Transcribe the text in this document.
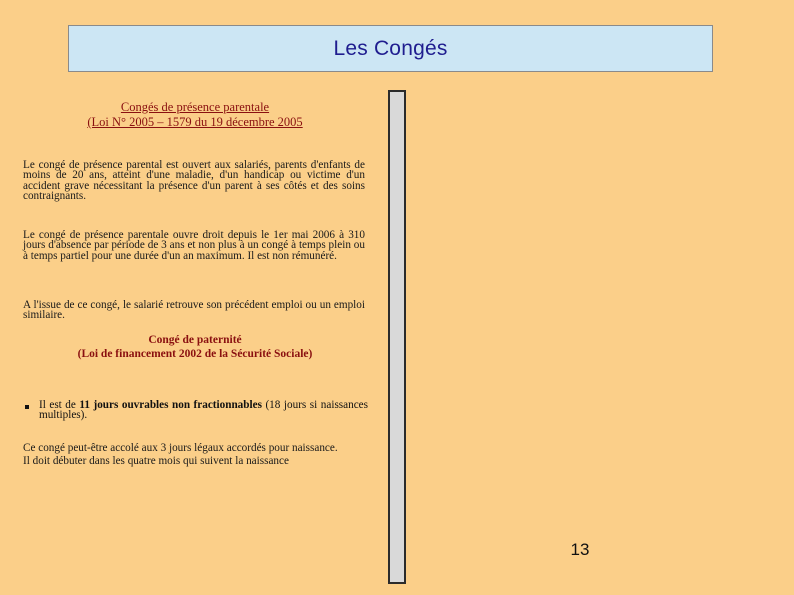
Les Congés
Congés de présence parentale
(Loi N° 2005 – 1579 du 19 décembre 2005

Le congé de présence parental est ouvert aux salariés, parents d'enfants de moins de 20 ans, atteint d'une maladie, d'un handicap ou victime d'un accident grave nécessitant la présence d'un parent à ses côtés et des soins contraignants.

Le congé de présence parentale ouvre droit depuis le 1er mai 2006 à 310 jours d'absence par période de 3 ans et non plus à un congé à temps plein ou à temps partiel pour une durée d'un an maximum. Il est non rémunéré.

A l'issue de ce congé, le salarié retrouve son précédent emploi ou un emploi similaire.

Congé de paternité
(Loi de financement 2002 de la Sécurité Sociale)

Il est de 11 jours ouvrables non fractionnables (18 jours si naissances multiples).

Ce congé peut-être accolé aux 3 jours légaux accordés pour naissance.
Il doit débuter dans les quatre mois qui suivent la naissance
13
